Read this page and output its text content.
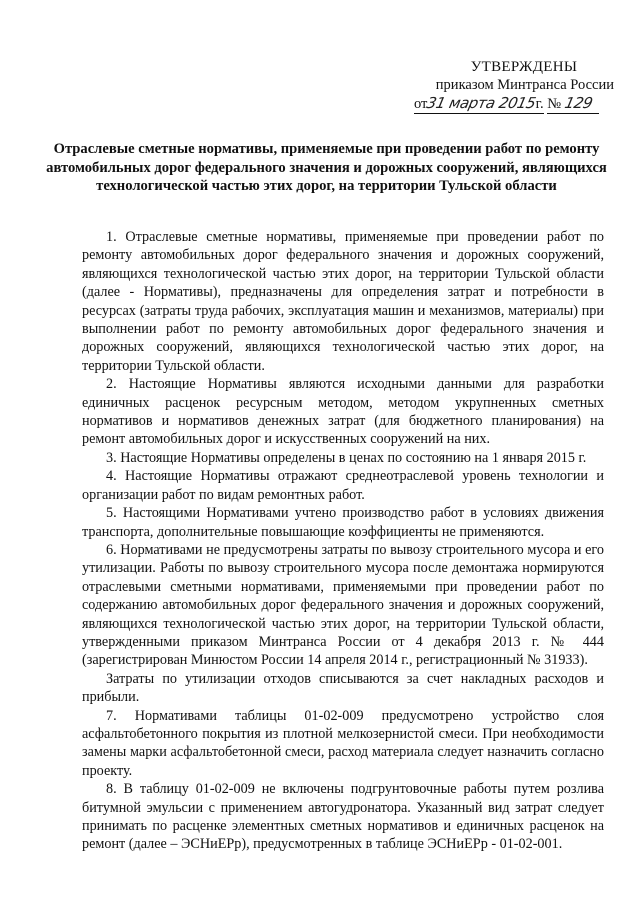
УТВЕРЖДЕНЫ
приказом Минтранса России
от31 марта 2015г. № 129
Отраслевые сметные нормативы, применяемые при проведении работ по ремонту автомобильных дорог федерального значения и дорожных сооружений, являющихся технологической частью этих дорог, на территории Тульской области

1. Отраслевые сметные нормативы, применяемые при проведении работ по ремонту автомобильных дорог федерального значения и дорожных сооружений, являющихся технологической частью этих дорог, на территории Тульской области (далее - Нормативы), предназначены для определения затрат и потребности в ресурсах (затраты труда рабочих, эксплуатация машин и механизмов, материалы) при выполнении работ по ремонту автомобильных дорог федерального значения и дорожных сооружений, являющихся технологической частью этих дорог, на территории Тульской области.

2. Настоящие Нормативы являются исходными данными для разработки единичных расценок ресурсным методом, методом укрупненных сметных нормативов и нормативов денежных затрат (для бюджетного планирования) на ремонт автомобильных дорог и искусственных сооружений на них.

3. Настоящие Нормативы определены в ценах по состоянию на 1 января 2015 г.

4. Настоящие Нормативы отражают среднеотраслевой уровень технологии и организации работ по видам ремонтных работ.

5. Настоящими Нормативами учтено производство работ в условиях движения транспорта, дополнительные повышающие коэффициенты не применяются.

6. Нормативами не предусмотрены затраты по вывозу строительного мусора и его утилизации. Работы по вывозу строительного мусора после демонтажа нормируются отраслевыми сметными нормативами, применяемыми при проведении работ по содержанию автомобильных дорог федерального значения и дорожных сооружений, являющихся технологической частью этих дорог, на территории Тульской области, утвержденными приказом Минтранса России от 4 декабря 2013 г. № 444 (зарегистрирован Минюстом России 14 апреля 2014 г., регистрационный № 31933).

Затраты по утилизации отходов списываются за счет накладных расходов и прибыли.

7. Нормативами таблицы 01-02-009 предусмотрено устройство слоя асфальтобетонного покрытия из плотной мелкозернистой смеси. При необходимости замены марки асфальтобетонной смеси, расход материала следует назначить согласно проекту.

8. В таблицу 01-02-009 не включены подгрунтовочные работы путем розлива битумной эмульсии с применением автогудронатора. Указанный вид затрат следует принимать по расценке элементных сметных нормативов и единичных расценок на ремонт (далее – ЭСНиЕРр), предусмотренных в таблице ЭСНиЕРр - 01-02-001.
